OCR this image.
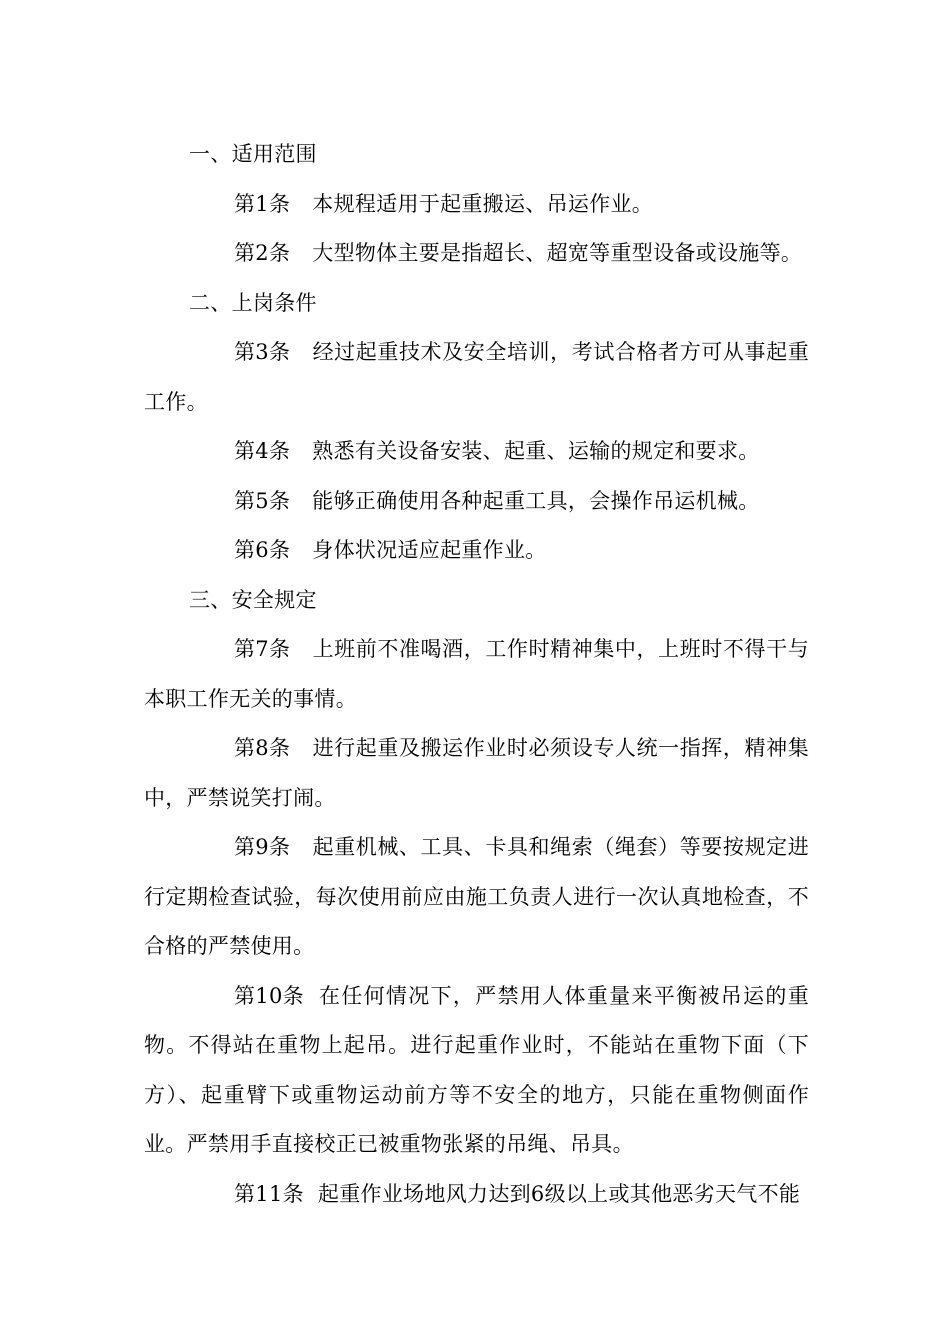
一、适用范围

第1条 本规程适用于起重搬运、吊运作业。

第2条 大型物体主要是指超长、超宽等重型设备或设施等。

二、上岗条件

第3条 经过起重技术及安全培训，考试合格者方可从事起重工作。

第4条 熟悉有关设备安装、起重、运输的规定和要求。

第5条 能够正确使用各种起重工具，会操作吊运机械。

第6条 身体状况适应起重作业。

三、安全规定

第7条 上班前不准喝酒，工作时精神集中，上班时不得干与本职工作无关的事情。

第8条 进行起重及搬运作业时必须设专人统一指挥，精神集中，严禁说笑打闹。

第9条 起重机械、工具、卡具和绳索（绳套）等要按规定进行定期检查试验，每次使用前应由施工负责人进行一次认真地检查，不合格的严禁使用。

第10条 在任何情况下，严禁用人体重量来平衡被吊运的重物。不得站在重物上起吊。进行起重作业时，不能站在重物下面（下方）、起重臂下或重物运动前方等不安全的地方，只能在重物侧面作业。严禁用手直接校正已被重物张紧的吊绳、吊具。

第11条 起重作业场地风力达到6级以上或其他恶劣天气不能
